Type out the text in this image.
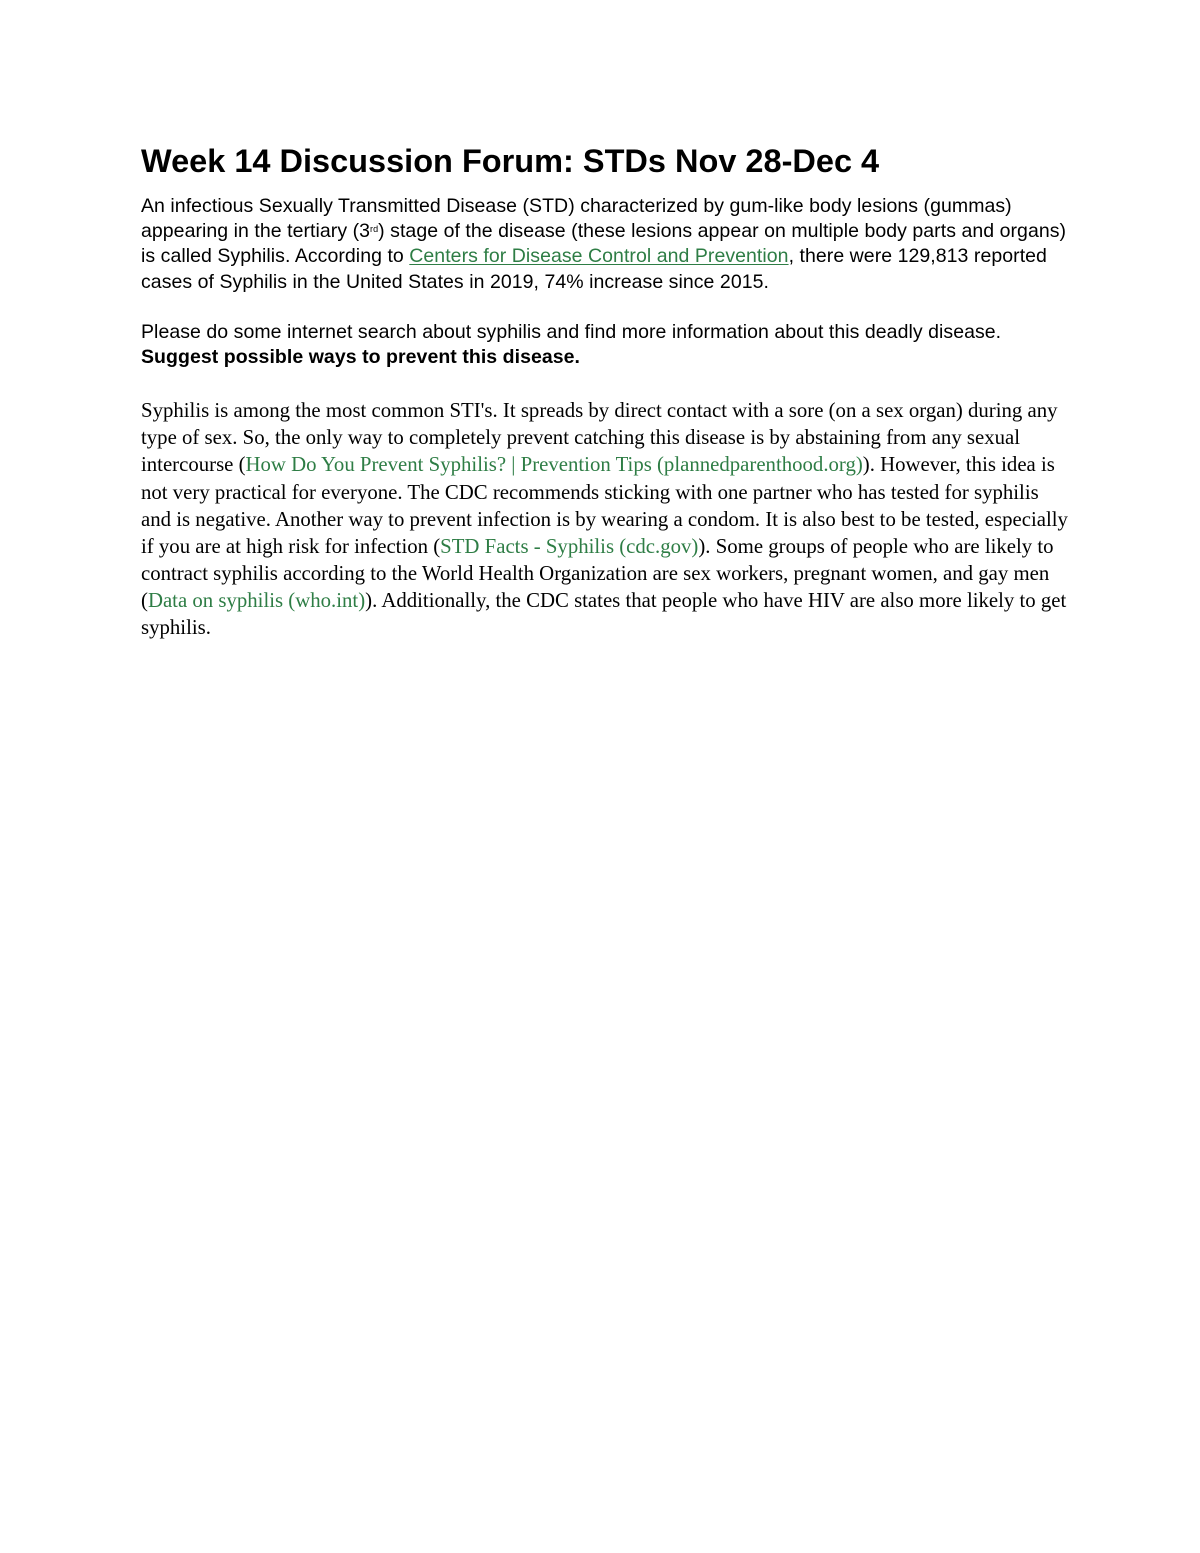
Week 14 Discussion Forum: STDs Nov 28-Dec 4

An infectious Sexually Transmitted Disease (STD) characterized by gum-like body lesions (gummas) appearing in the tertiary (3rd) stage of the disease (these lesions appear on multiple body parts and organs) is called Syphilis. According to Centers for Disease Control and Prevention, there were 129,813 reported cases of Syphilis in the United States in 2019, 74% increase since 2015.

Please do some internet search about syphilis and find more information about this deadly disease. Suggest possible ways to prevent this disease.

Syphilis is among the most common STI's. It spreads by direct contact with a sore (on a sex organ) during any type of sex. So, the only way to completely prevent catching this disease is by abstaining from any sexual intercourse (How Do You Prevent Syphilis? | Prevention Tips (plannedparenthood.org)). However, this idea is not very practical for everyone. The CDC recommends sticking with one partner who has tested for syphilis and is negative. Another way to prevent infection is by wearing a condom. It is also best to be tested, especially if you are at high risk for infection (STD Facts - Syphilis (cdc.gov)). Some groups of people who are likely to contract syphilis according to the World Health Organization are sex workers, pregnant women, and gay men (Data on syphilis (who.int)). Additionally, the CDC states that people who have HIV are also more likely to get syphilis.
